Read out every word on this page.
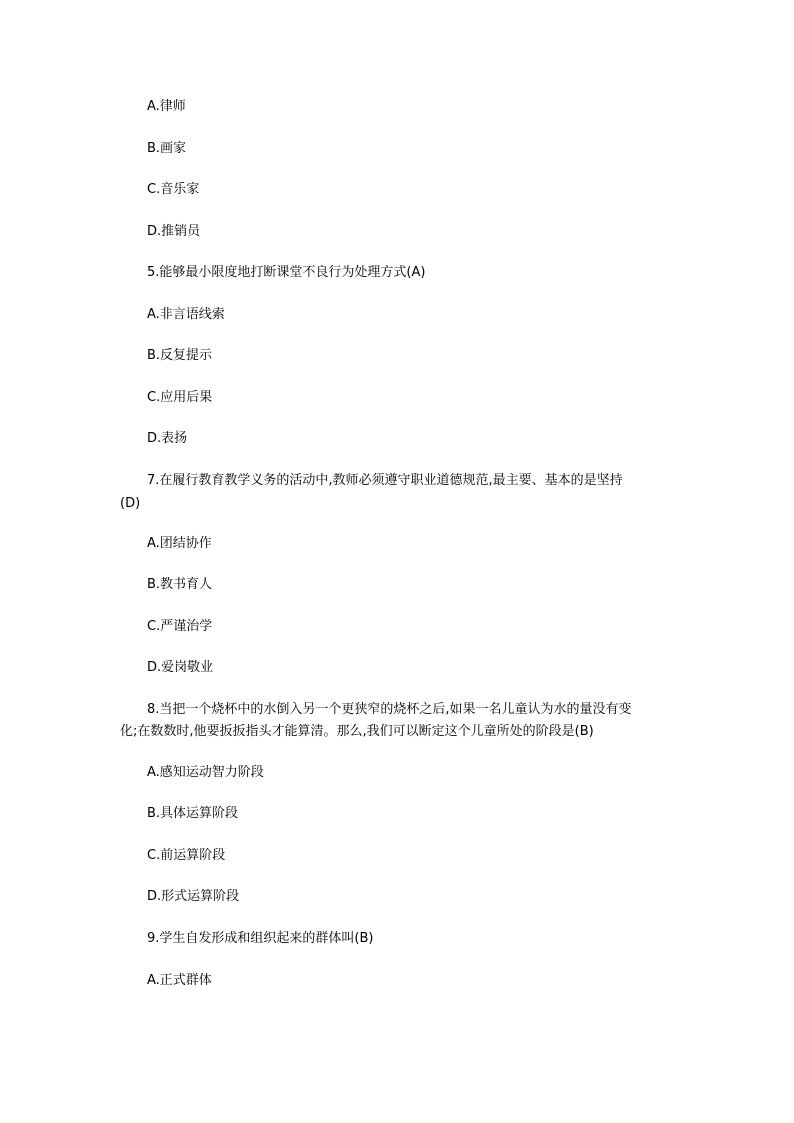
A.律师
B.画家
C.音乐家
D.推销员
5.能够最小限度地打断课堂不良行为处理方式(A)
A.非言语线索
B.反复提示
C.应用后果
D.表扬
7.在履行教育教学义务的活动中,教师必须遵守职业道德规范,最主要、基本的是坚持
(D)
A.团结协作
B.教书育人
C.严谨治学
D.爱岗敬业
8.当把一个烧杯中的水倒入另一个更狭窄的烧杯之后,如果一名儿童认为水的量没有变
化;在数数时,他要扳扳指头才能算清。那么,我们可以断定这个儿童所处的阶段是(B)
A.感知运动智力阶段
B.具体运算阶段
C.前运算阶段
D.形式运算阶段
9.学生自发形成和组织起来的群体叫(B)
A.正式群体
